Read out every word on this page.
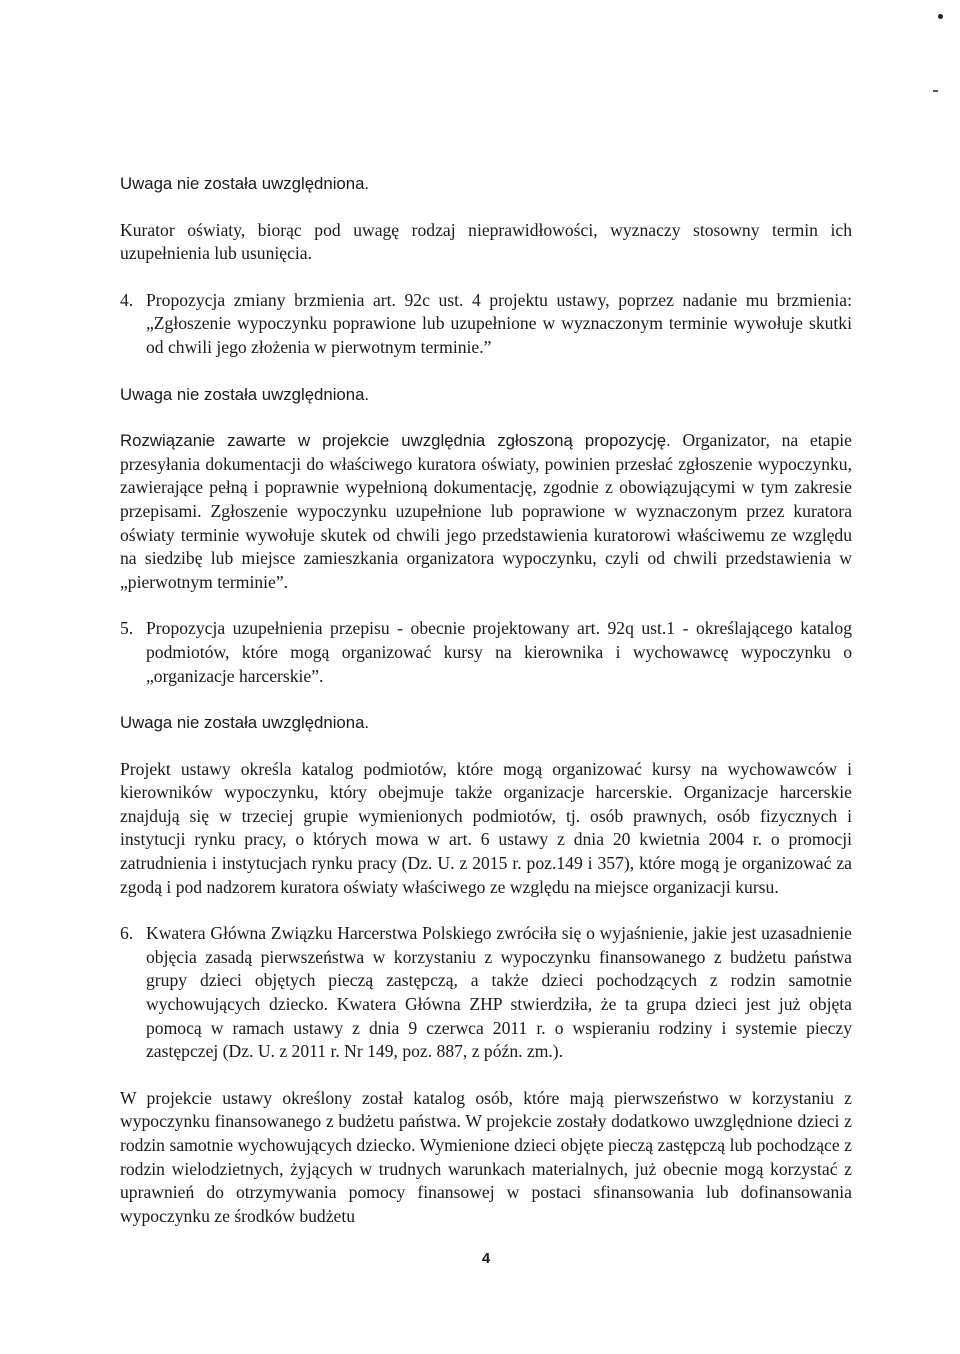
Uwaga nie została uwzględniona.

Kurator oświaty, biorąc pod uwagę rodzaj nieprawidłowości, wyznaczy stosowny termin ich uzupełnienia lub usunięcia.

4. Propozycja zmiany brzmienia art. 92c ust. 4 projektu ustawy, poprzez nadanie mu brzmienia: „Zgłoszenie wypoczynku poprawione lub uzupełnione w wyznaczonym terminie wywołuje skutki od chwili jego złożenia w pierwotnym terminie.”

Uwaga nie została uwzględniona.

Rozwiązanie zawarte w projekcie uwzględnia zgłoszoną propozycję. Organizator, na etapie przesyłania dokumentacji do właściwego kuratora oświaty, powinien przesłać zgłoszenie wypoczynku, zawierające pełną i poprawnie wypełnioną dokumentację, zgodnie z obowiązującymi w tym zakresie przepisami. Zgłoszenie wypoczynku uzupełnione lub poprawione w wyznaczonym przez kuratora oświaty terminie wywołuje skutek od chwili jego przedstawienia kuratorowi właściwemu ze względu na siedzibę lub miejsce zamieszkania organizatora wypoczynku, czyli od chwili przedstawienia w „pierwotnym terminie”.

5. Propozycja uzupełnienia przepisu - obecnie projektowany art. 92q ust.1 - określającego katalog podmiotów, które mogą organizować kursy na kierownika i wychowawcę wypoczynku o „organizacje harcerskie”.

Uwaga nie została uwzględniona.

Projekt ustawy określa katalog podmiotów, które mogą organizować kursy na wychowawców i kierowników wypoczynku, który obejmuje także organizacje harcerskie. Organizacje harcerskie znajdują się w trzeciej grupie wymienionych podmiotów, tj. osób prawnych, osób fizycznych i instytucji rynku pracy, o których mowa w art. 6 ustawy z dnia 20 kwietnia 2004 r. o promocji zatrudnienia i instytucjach rynku pracy (Dz. U. z 2015 r. poz.149 i 357), które mogą je organizować za zgodą i pod nadzorem kuratora oświaty właściwego ze względu na miejsce organizacji kursu.

6. Kwatera Główna Związku Harcerstwa Polskiego zwróciła się o wyjaśnienie, jakie jest uzasadnienie objęcia zasadą pierwszeństwa w korzystaniu z wypoczynku finansowanego z budżetu państwa grupy dzieci objętych pieczą zastępczą, a także dzieci pochodzących z rodzin samotnie wychowujących dziecko. Kwatera Główna ZHP stwierdziła, że ta grupa dzieci jest już objęta pomocą w ramach ustawy z dnia 9 czerwca 2011 r. o wspieraniu rodziny i systemie pieczy zastępczej (Dz. U. z 2011 r. Nr 149, poz. 887, z późn. zm.).

W projekcie ustawy określony został katalog osób, które mają pierwszeństwo w korzystaniu z wypoczynku finansowanego z budżetu państwa. W projekcie zostały dodatkowo uwzględnione dzieci z rodzin samotnie wychowujących dziecko. Wymienione dzieci objęte pieczą zastępczą lub pochodzące z rodzin wielodzietnych, żyjących w trudnych warunkach materialnych, już obecnie mogą korzystać z uprawnień do otrzymywania pomocy finansowej w postaci sfinansowania lub dofinansowania wypoczynku ze środków budżetu

4
